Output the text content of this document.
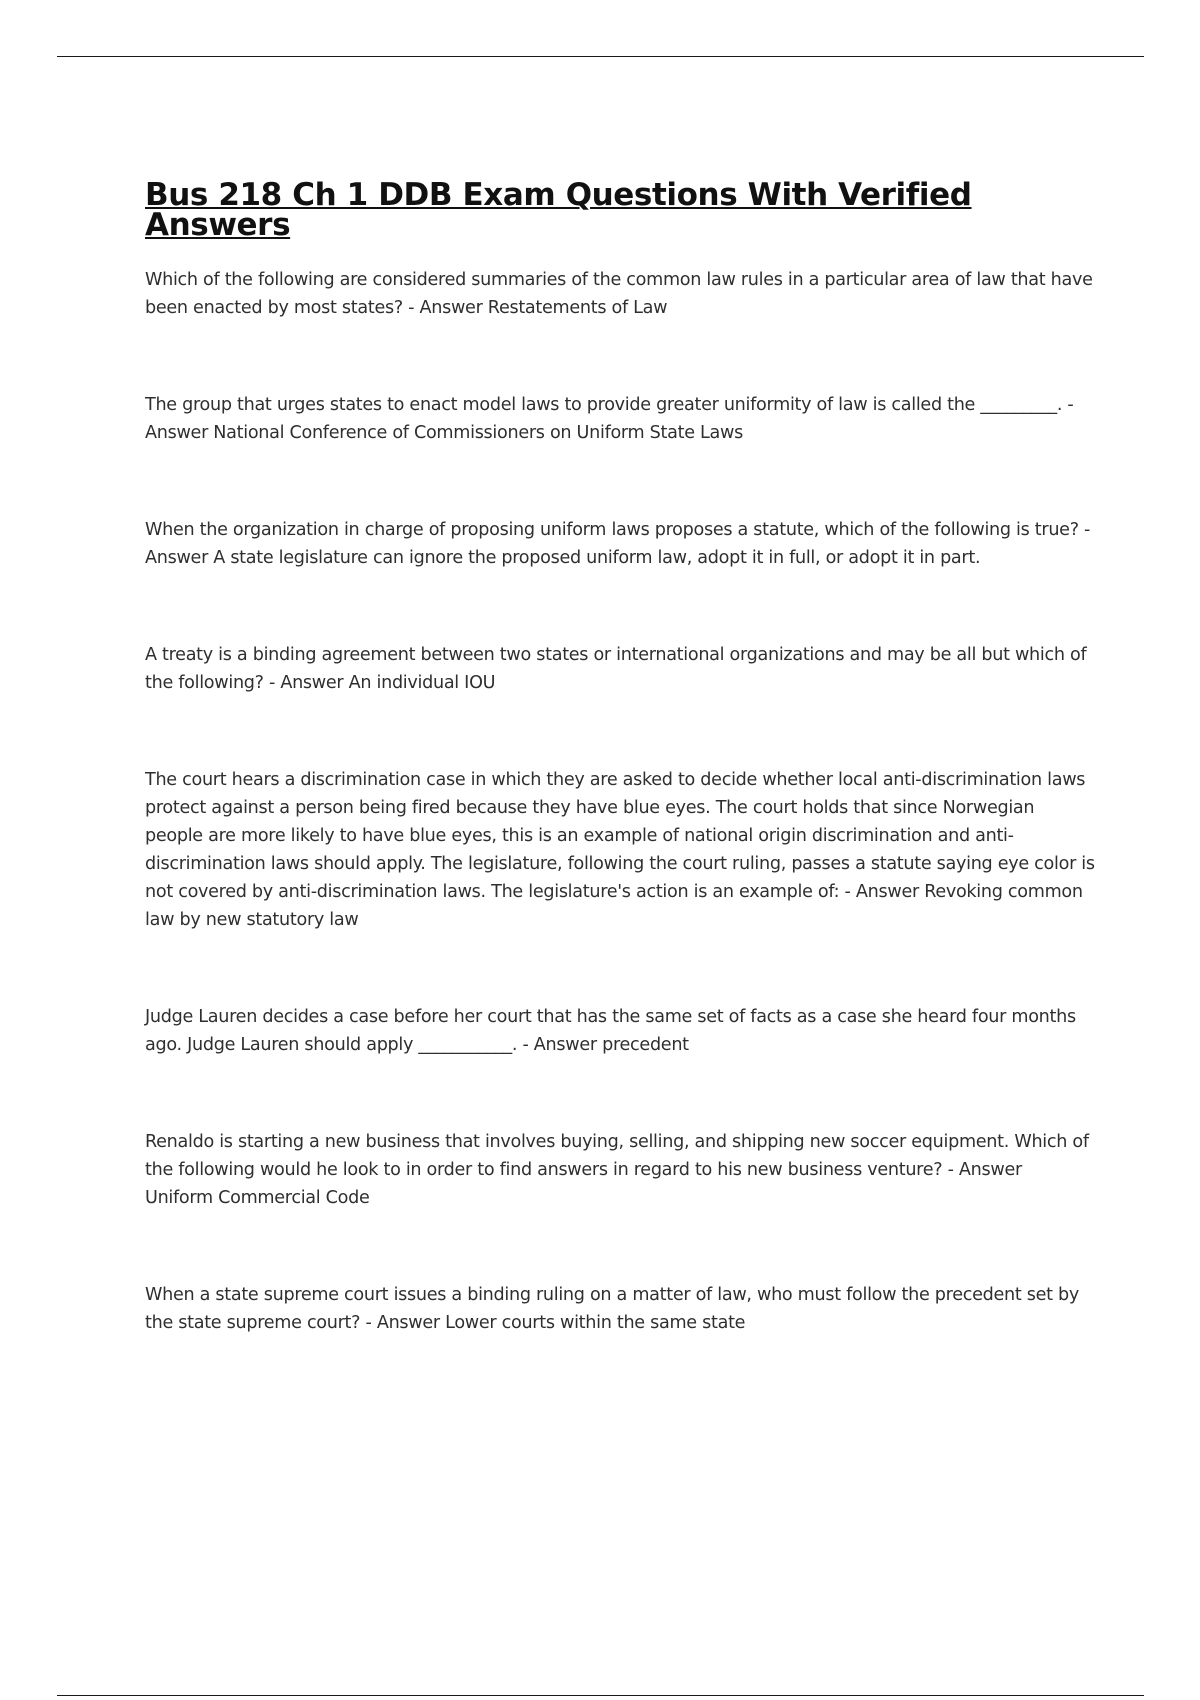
Bus 218 Ch 1 DDB Exam Questions With Verified Answers
Which of the following are considered summaries of the common law rules in a particular area of law that have been enacted by most states? - Answer Restatements of Law
The group that urges states to enact model laws to provide greater uniformity of law is called the _________. - Answer National Conference of Commissioners on Uniform State Laws
When the organization in charge of proposing uniform laws proposes a statute, which of the following is true? - Answer A state legislature can ignore the proposed uniform law, adopt it in full, or adopt it in part.
A treaty is a binding agreement between two states or international organizations and may be all but which of the following? - Answer An individual IOU
The court hears a discrimination case in which they are asked to decide whether local anti-discrimination laws protect against a person being fired because they have blue eyes. The court holds that since Norwegian people are more likely to have blue eyes, this is an example of national origin discrimination and anti-discrimination laws should apply. The legislature, following the court ruling, passes a statute saying eye color is not covered by anti-discrimination laws. The legislature's action is an example of: - Answer Revoking common law by new statutory law
Judge Lauren decides a case before her court that has the same set of facts as a case she heard four months ago. Judge Lauren should apply ___________. - Answer precedent
Renaldo is starting a new business that involves buying, selling, and shipping new soccer equipment. Which of the following would he look to in order to find answers in regard to his new business venture? - Answer Uniform Commercial Code
When a state supreme court issues a binding ruling on a matter of law, who must follow the precedent set by the state supreme court? - Answer Lower courts within the same state
